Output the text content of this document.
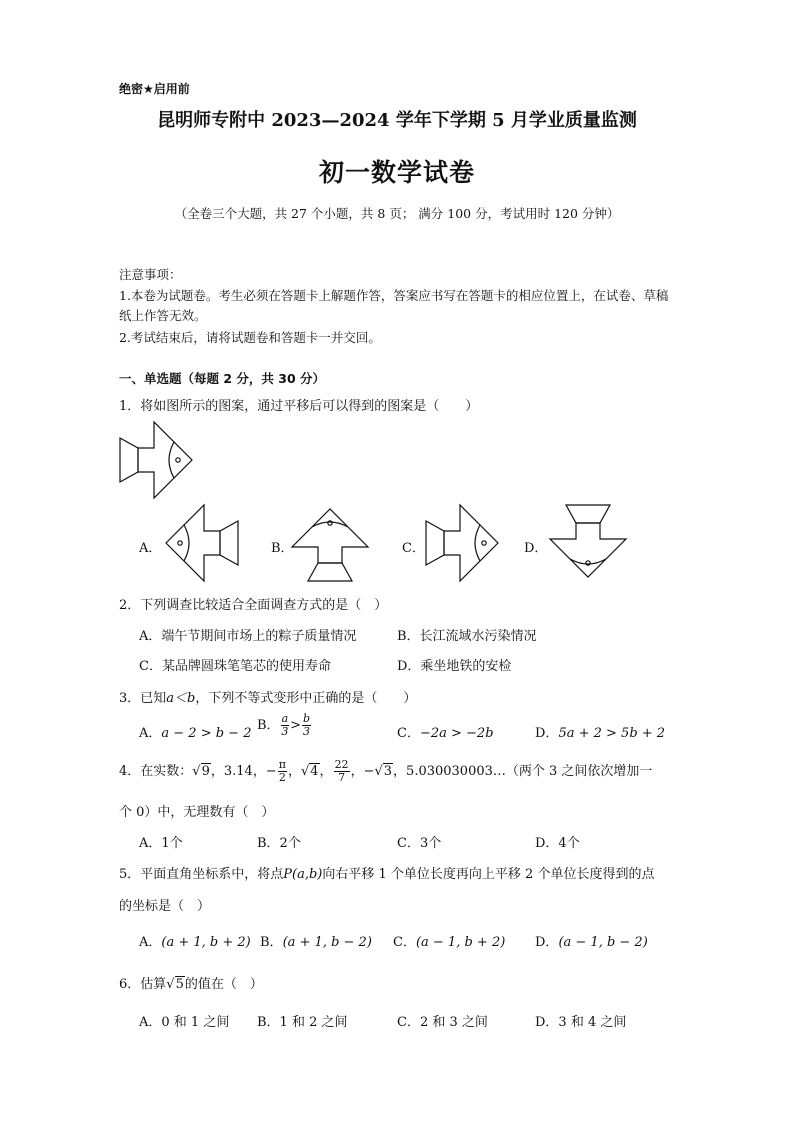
绝密★启用前
昆明师专附中 2023—2024 学年下学期 5 月学业质量监测
初一数学试卷
（全卷三个大题，共 27 个小题，共 8 页； 满分 100 分，考试用时 120 分钟）
注意事项：
1.本卷为试题卷。考生必须在答题卡上解题作答，答案应书写在答题卡的相应位置上，在试卷、草稿纸上作答无效。
2.考试结束后，请将试题卷和答题卡一并交回。
一、单选题（每题 2 分，共 30 分）
1．将如图所示的图案，通过平移后可以得到的图案是（　　）
A．	B．	C．	D．
2．下列调查比较适合全面调查方式的是（　）
A．端午节期间市场上的粽子质量情况	B．长江流域水污染情况
C．某品牌圆珠笔笔芯的使用寿命	D．乘坐地铁的安检
3．已知a＜b，下列不等式变形中正确的是（　　）
A．a − 2 > b − 2
B． $\frac{a}{3} > \frac{b}{3}$	C．−2a > −2b	D．5a + 2 > 5b + 2
4．在实数：√9，3.14，− $\frac{\pi}{2}$ ，√4， $\frac{22}{7}$ ，−√3，5.030030003…（两个 3 之间依次增加一
个 0）中，无理数有（　）
A．1个	B．2个	C．3个	D．4个
5．平面直角坐标系中，将点P(a,b)向右平移 1 个单位长度再向上平移 2 个单位长度得到的点
的坐标是（　）
A．(a + 1, b + 2) B．(a + 1, b − 2) C．(a − 1, b + 2) D．(a − 1, b − 2)
6．估算√5的值在（　）
A．0 和 1 之间 B．1 和 2 之间	C．2 和 3 之间	D．3 和 4 之间
